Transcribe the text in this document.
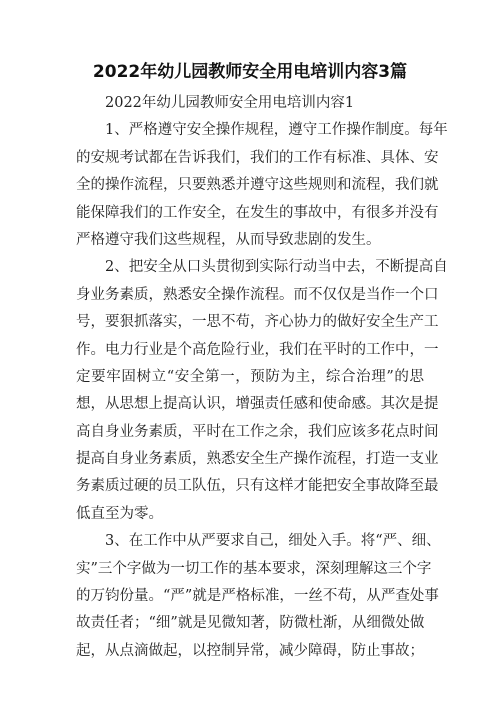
2022年幼儿园教师安全用电培训内容3篇
2022年幼儿园教师安全用电培训内容1
1、严格遵守安全操作规程，遵守工作操作制度。每年
的安规考试都在告诉我们，我们的工作有标准、具体、安
全的操作流程，只要熟悉并遵守这些规则和流程，我们就
能保障我们的工作安全，在发生的事故中，有很多并没有
严格遵守我们这些规程，从而导致悲剧的发生。
2、把安全从口头贯彻到实际行动当中去，不断提高自
身业务素质，熟悉安全操作流程。而不仅仅是当作一个口
号，要狠抓落实，一思不苟，齐心协力的做好安全生产工
作。电力行业是个高危险行业，我们在平时的工作中，一
定要牢固树立“安全第一，预防为主，综合治理”的思
想，从思想上提高认识，增强责任感和使命感。其次是提
高自身业务素质，平时在工作之余，我们应该多花点时间
提高自身业务素质，熟悉安全生产操作流程，打造一支业
务素质过硬的员工队伍，只有这样才能把安全事故降至最
低直至为零。
3、在工作中从严要求自己，细处入手。将“严、细、
实”三个字做为一切工作的基本要求，深刻理解这三个字
的万钧份量。“严”就是严格标准，一丝不苟，从严查处事
故责任者；“细”就是见微知著，防微杜渐，从细微处做
起，从点滴做起，以控制异常，减少障碍，防止事故；
